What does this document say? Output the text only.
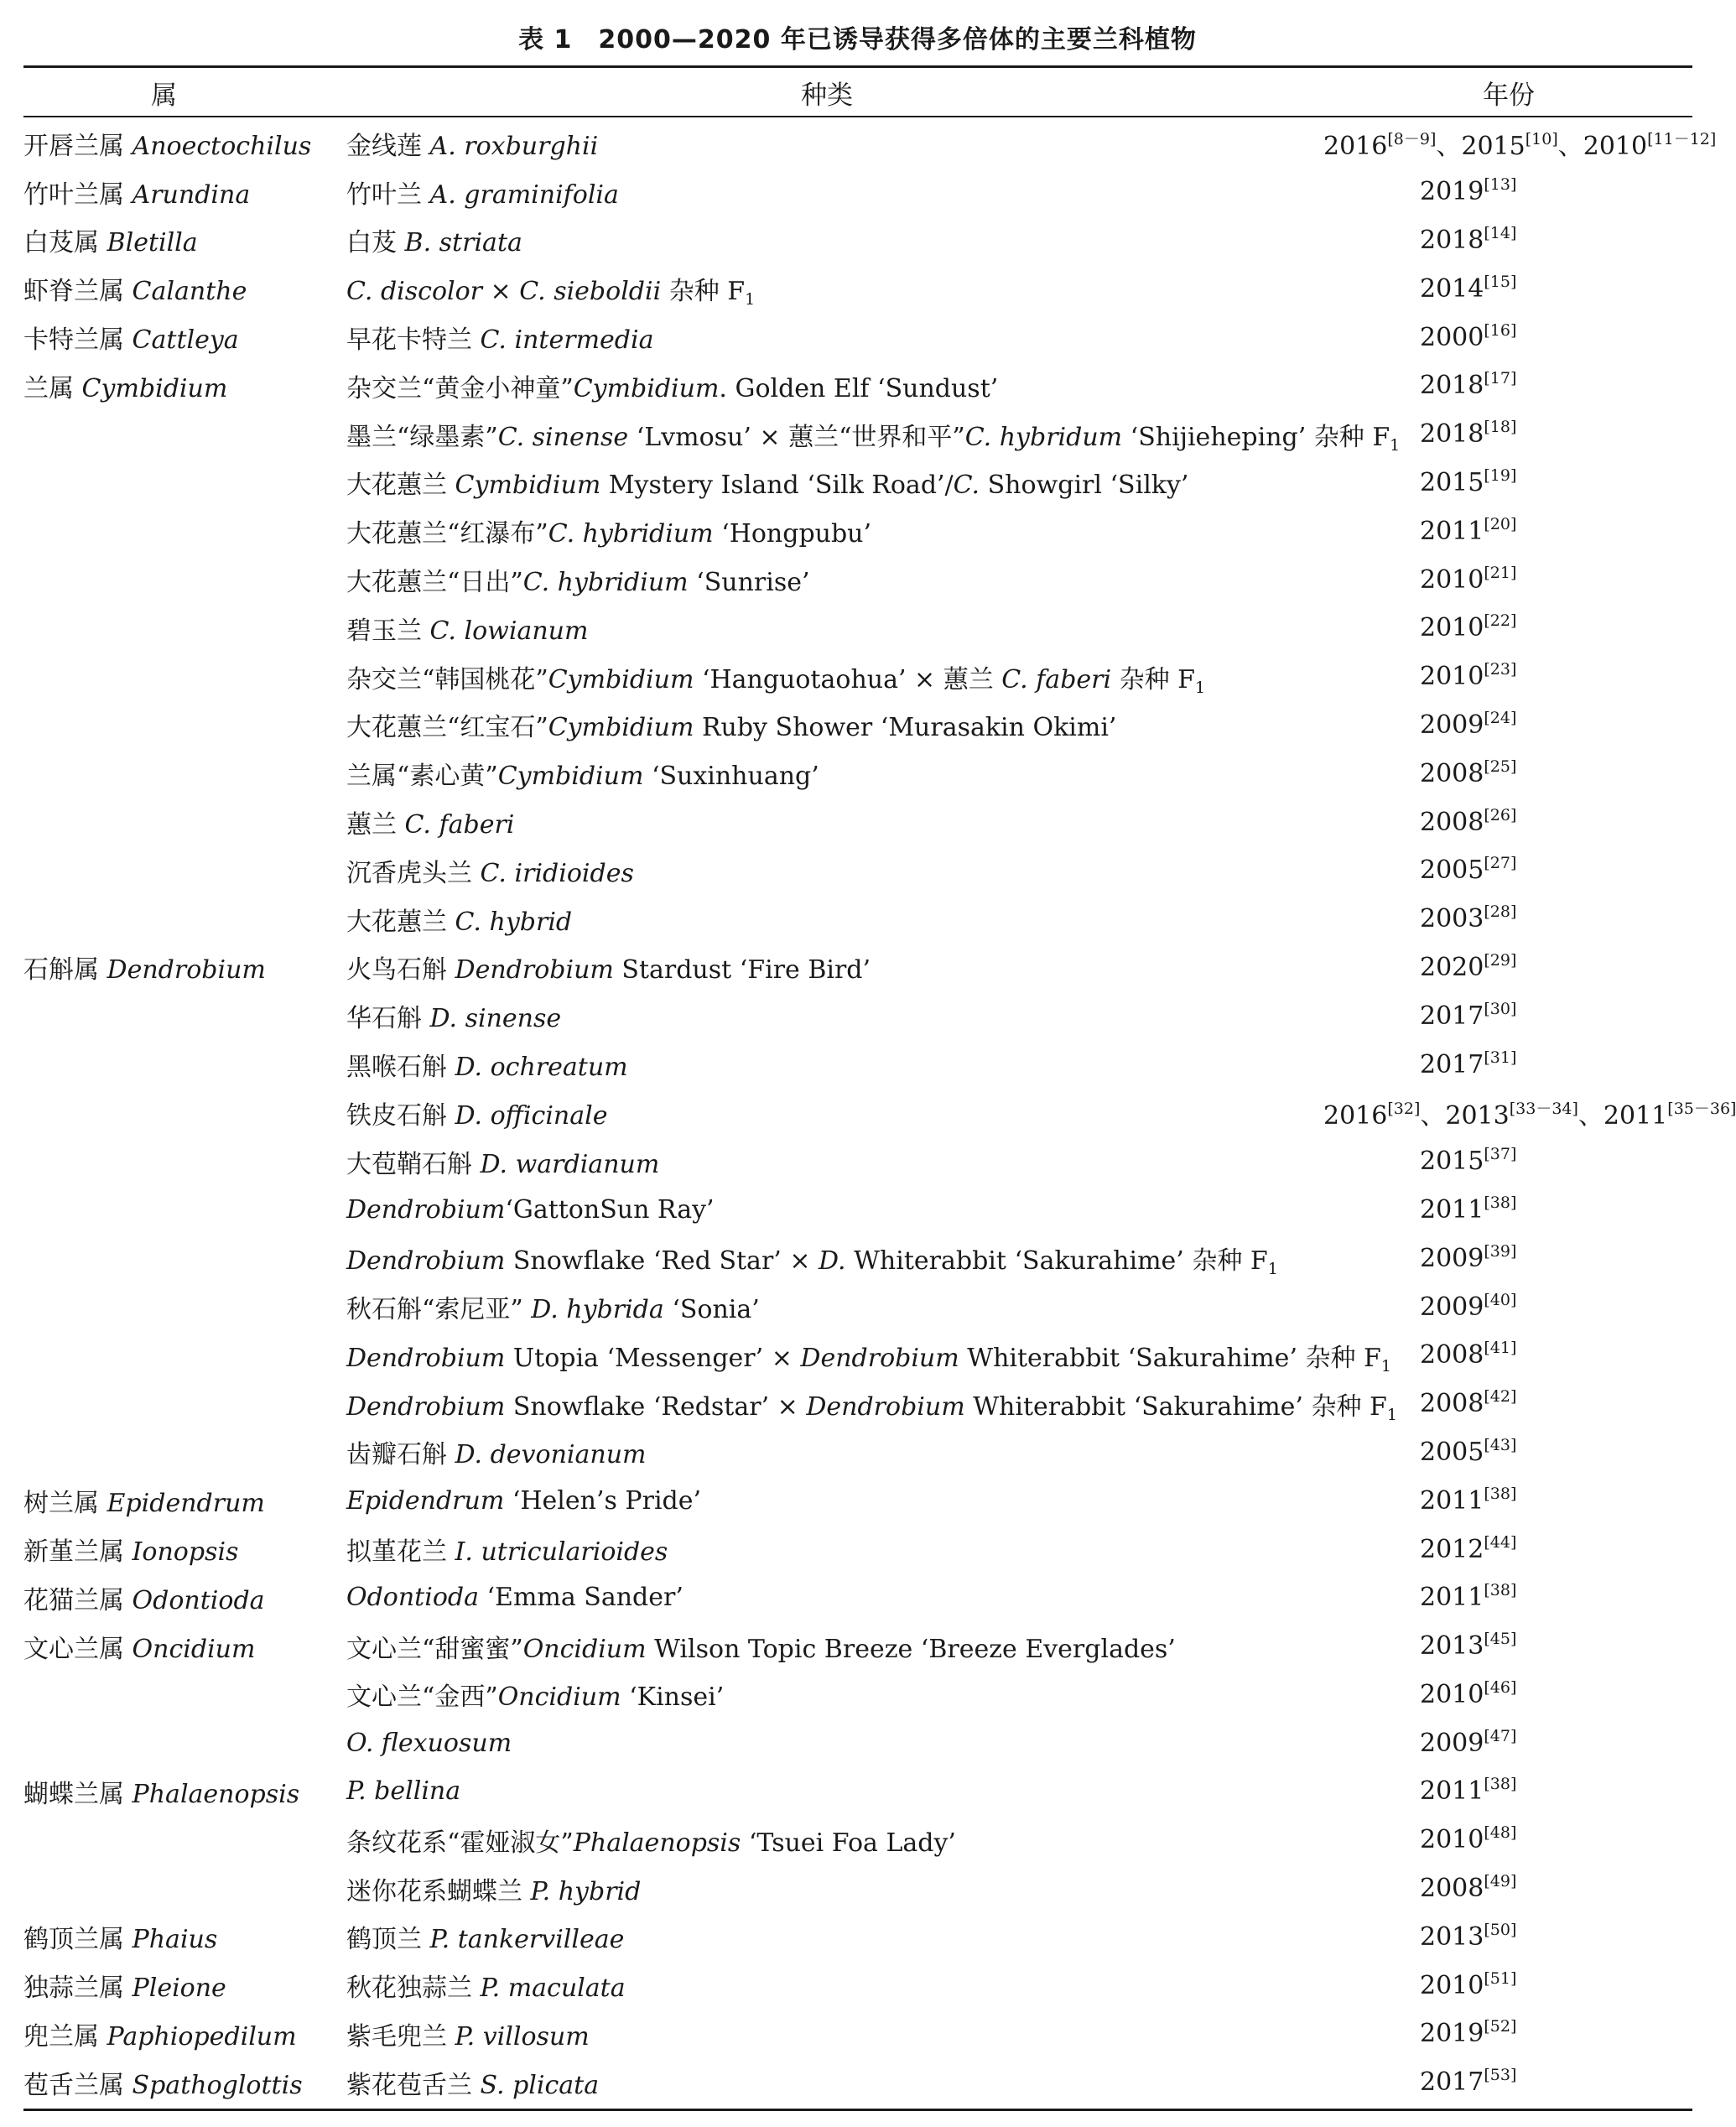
表 1　2000—2020 年已诱导获得多倍体的主要兰科植物
属	种类	年份
开唇兰属 Anoectochilus	金线莲 A. roxburghii	2016[8－9]、2015[10]、2010[11－12]
竹叶兰属 Arundina	竹叶兰 A. graminifolia	2019[13]
白芨属 Bletilla	白芨 B. striata	2018[14]
虾脊兰属 Calanthe	C. discolor × C. sieboldii 杂种 $F_1$	2014[15]
卡特兰属 Cattleya	早花卡特兰 C. intermedia	2000[16]
兰属 Cymbidium	杂交兰“黄金小神童”Cymbidium. Golden Elf ‘Sundust’	2018[17]
	墨兰“绿墨素”C. sinense ‘Lvmosu’ × 蕙兰“世界和平”C. hybridum ‘Shijieheping’ 杂种 $F_1$	2018[18]
	大花蕙兰 Cymbidium Mystery Island ‘Silk Road’/C. Showgirl ‘Silky’	2015[19]
	大花蕙兰“红瀑布”C. hybridium ‘Hongpubu’	2011[20]
	大花蕙兰“日出”C. hybridium ‘Sunrise’	2010[21]
	碧玉兰 C. lowianum	2010[22]
	杂交兰“韩国桃花”Cymbidium ‘Hanguotaohua’ × 蕙兰 C. faberi 杂种 $F_1$	2010[23]
	大花蕙兰“红宝石”Cymbidium Ruby Shower ‘Murasakin Okimi’	2009[24]
	兰属“素心黄”Cymbidium ‘Suxinhuang’	2008[25]
	蕙兰 C. faberi	2008[26]
	沉香虎头兰 C. iridioides	2005[27]
	大花蕙兰 C. hybrid	2003[28]
石斛属 Dendrobium	火鸟石斛 Dendrobium Stardust ‘Fire Bird’	2020[29]
	华石斛 D. sinense	2017[30]
	黑喉石斛 D. ochreatum	2017[31]
	铁皮石斛 D. officinale	2016[32]、2013[33－34]、2011[35－36]
	大苞鞘石斛 D. wardianum	2015[37]
	Dendrobium‘GattonSun Ray’	2011[38]
	Dendrobium Snowflake ‘Red Star’ × D. Whiterabbit ‘Sakurahime’ 杂种 $F_1$	2009[39]
	秋石斛“索尼亚” D. hybrida ‘Sonia’	2009[40]
	Dendrobium Utopia ‘Messenger’ × Dendrobium Whiterabbit ‘Sakurahime’ 杂种 $F_1$	2008[41]
	Dendrobium Snowflake ‘Redstar’ × Dendrobium Whiterabbit ‘Sakurahime’ 杂种 $F_1$	2008[42]
	齿瓣石斛 D. devonianum	2005[43]
树兰属 Epidendrum	Epidendrum ‘Helen’s Pride’	2011[38]
新堇兰属 Ionopsis	拟堇花兰 I. utricularioides	2012[44]
花猫兰属 Odontioda	Odontioda ‘Emma Sander’	2011[38]
文心兰属 Oncidium	文心兰“甜蜜蜜”Oncidium Wilson Topic Breeze ‘Breeze Everglades’	2013[45]
	文心兰“金西”Oncidium ‘Kinsei’	2010[46]
	O. flexuosum	2009[47]
蝴蝶兰属 Phalaenopsis	P. bellina	2011[38]
	条纹花系“霍娅淑女”Phalaenopsis ‘Tsuei Foa Lady’	2010[48]
	迷你花系蝴蝶兰 P. hybrid	2008[49]
鹤顶兰属 Phaius	鹤顶兰 P. tankervilleae	2013[50]
独蒜兰属 Pleione	秋花独蒜兰 P. maculata	2010[51]
兜兰属 Paphiopedilum	紫毛兜兰 P. villosum	2019[52]
苞舌兰属 Spathoglottis	紫花苞舌兰 S. plicata	2017[53]
